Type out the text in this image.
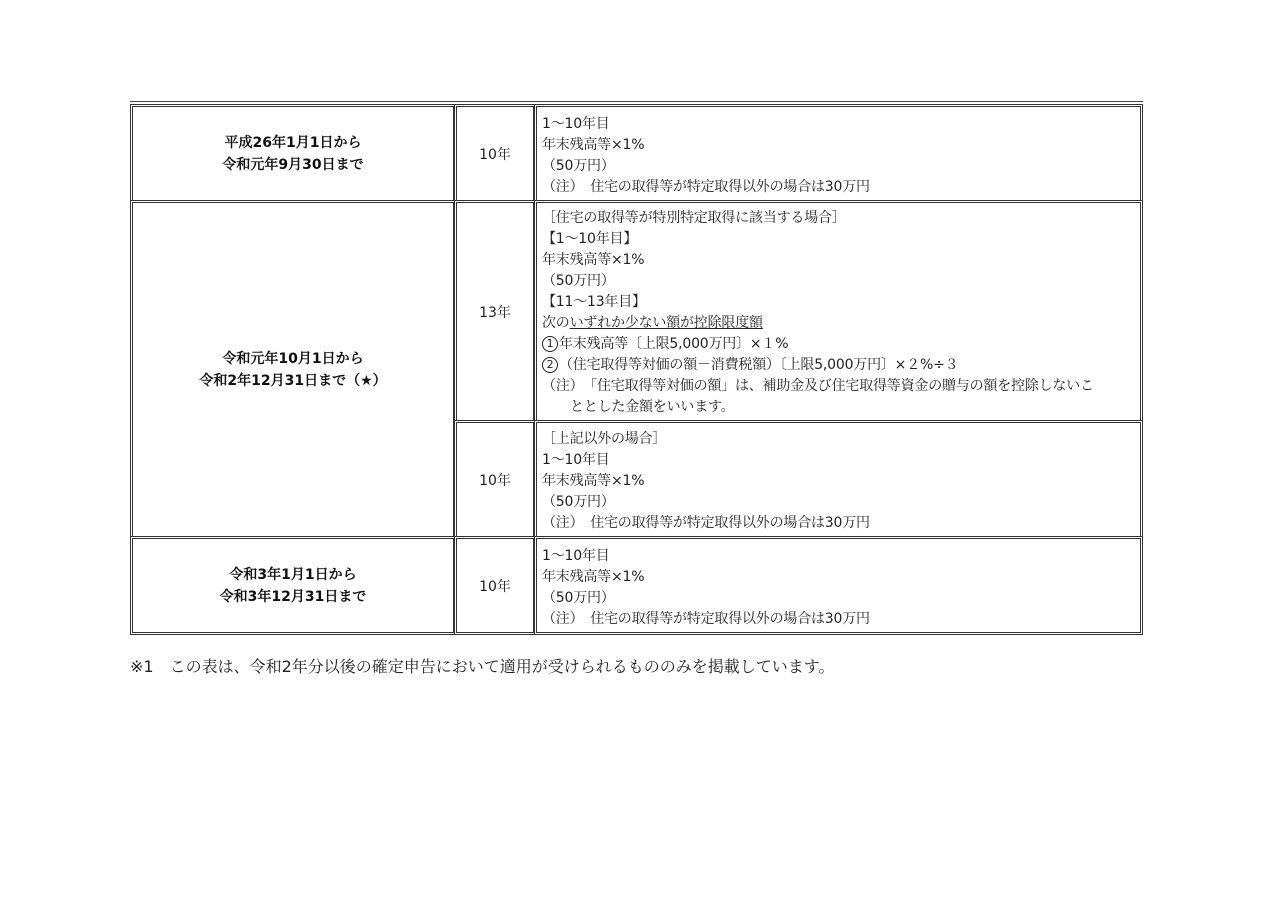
平成26年1月1日から
令和元年9月30日まで
10年
1～10年目
年末残高等×1%
（50万円）
（注）　住宅の取得等が特定取得以外の場合は30万円
令和元年10月1日から
令和2年12月31日まで（★）
13年
［住宅の取得等が特別特定取得に該当する場合］
【1～10年目】
年末残高等×1%
（50万円）
【11～13年目】
次のいずれか少ない額が控除限度額
1 年末残高等〔上限5,000万円〕×１%
2 （住宅取得等対価の額－消費税額）〔上限5,000万円〕×２%÷３
（注）　「住宅取得等対価の額」は、補助金及び住宅取得等資金の贈与の額を控除しないこ
ととした金額をいいます。
10年
［上記以外の場合］
1～10年目
年末残高等×1%
（50万円）
（注）　住宅の取得等が特定取得以外の場合は30万円
令和3年1月1日から
令和3年12月31日まで
10年
1～10年目
年末残高等×1%
（50万円）
（注）　住宅の取得等が特定取得以外の場合は30万円
※1　この表は、令和2年分以後の確定申告において適用が受けられるもののみを掲載しています。
